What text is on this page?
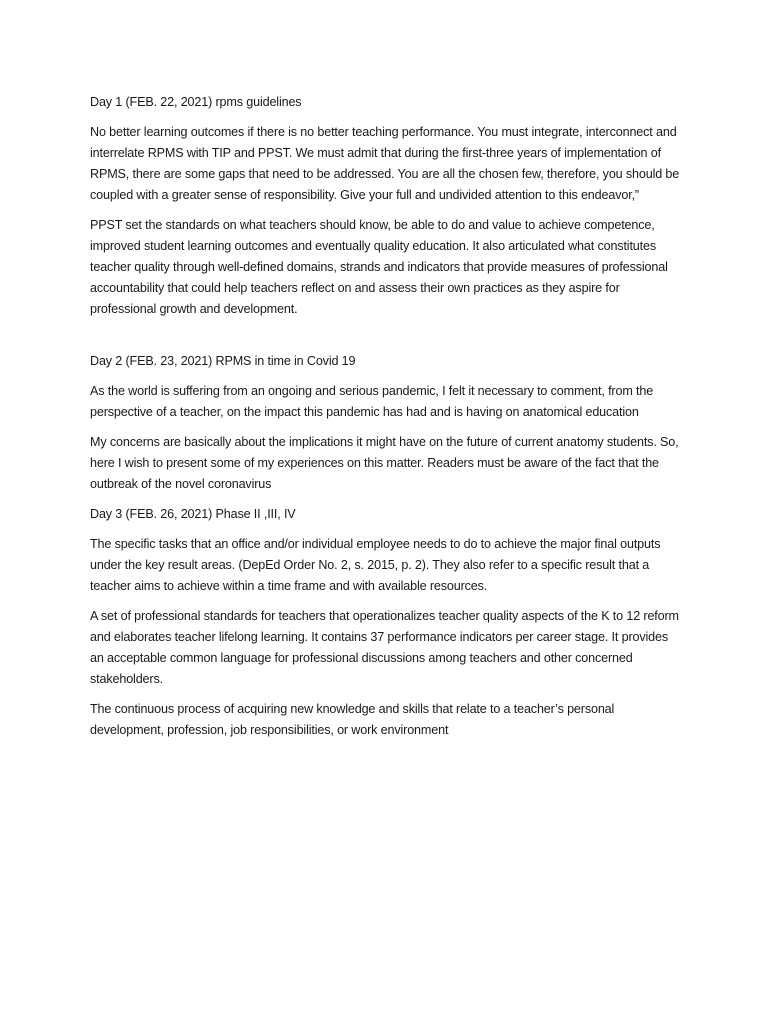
Day 1 (FEB. 22, 2021) rpms guidelines

No better learning outcomes if there is no better teaching performance. You must integrate, interconnect and interrelate RPMS with TIP and PPST. We must admit that during the first-three years of implementation of RPMS, there are some gaps that need to be addressed. You are all the chosen few, therefore, you should be coupled with a greater sense of responsibility. Give your full and undivided attention to this endeavor,”

PPST set the standards on what teachers should know, be able to do and value to achieve competence, improved student learning outcomes and eventually quality education. It also articulated what constitutes teacher quality through well-defined domains, strands and indicators that provide measures of professional accountability that could help teachers reflect on and assess their own practices as they aspire for professional growth and development.

Day 2 (FEB. 23, 2021) RPMS in time in Covid 19

As the world is suffering from an ongoing and serious pandemic, I felt it necessary to comment, from the perspective of a teacher, on the impact this pandemic has had and is having on anatomical education

My concerns are basically about the implications it might have on the future of current anatomy students. So, here I wish to present some of my experiences on this matter. Readers must be aware of the fact that the outbreak of the novel coronavirus

Day 3 (FEB. 26, 2021) Phase II ,III, IV

The specific tasks that an office and/or individual employee needs to do to achieve the major final outputs under the key result areas. (DepEd Order No. 2, s. 2015, p. 2). They also refer to a specific result that a teacher aims to achieve within a time frame and with available resources.

A set of professional standards for teachers that operationalizes teacher quality aspects of the K to 12 reform and elaborates teacher lifelong learning. It contains 37 performance indicators per career stage. It provides an acceptable common language for professional discussions among teachers and other concerned stakeholders.

The continuous process of acquiring new knowledge and skills that relate to a teacher’s personal development, profession, job responsibilities, or work environment
